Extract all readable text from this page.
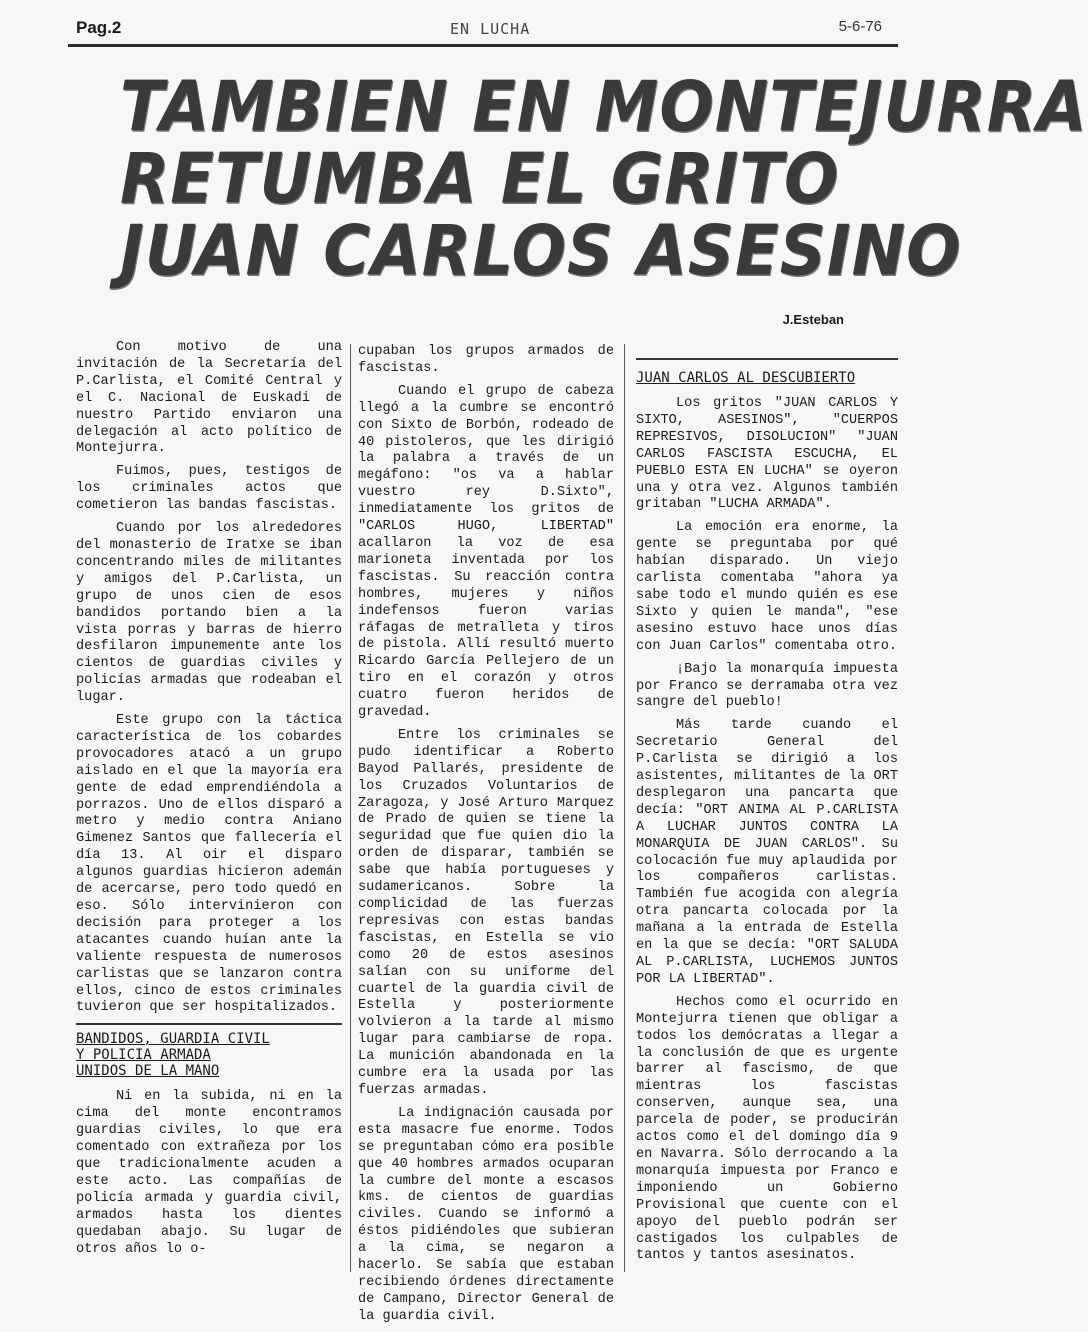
Pag.2	EN LUCHA	5-6-76
TAMBIEN EN MONTEJURRA
RETUMBA EL GRITO
JUAN CARLOS ASESINO
J.Esteban

Con motivo de una invitación de la Secretaría del P.Carlista, el Comité Central y el C. Nacional de Euskadi de nuestro Partido enviaron una delegación al acto político de Montejurra.

Fuimos, pues, testigos de los criminales actos que cometieron las bandas fascistas.

Cuando por los alrededores del monasterio de Iratxe se iban concentrando miles de militantes y amigos del P.Carlista, un grupo de unos cien de esos bandidos portando bien a la vista porras y barras de hierro desfilaron impunemente ante los cientos de guardias civiles y policías armadas que rodeaban el lugar.

Este grupo con la táctica característica de los cobardes provocadores atacó a un grupo aislado en el que la mayoría era gente de edad emprendiéndola a porrazos. Uno de ellos disparó a metro y medio contra Aniano Gimenez Santos que fallecería el día 13. Al oir el disparo algunos guardias hicieron ademán de acercarse, pero todo quedó en eso. Sólo intervinieron con decisión para proteger a los atacantes cuando huían ante la valiente respuesta de numerosos carlistas que se lanzaron contra ellos, cinco de estos criminales tuvieron que ser hospitalizados.

BANDIDOS, GUARDIA CIVIL
Y POLICIA ARMADA
UNIDOS DE LA MANO

Ni en la subida, ni en la cima del monte encontramos guardias civiles, lo que era comentado con extrañeza por los que tradicionalmente acuden a este acto. Las compañías de policía armada y guardia civil, armados hasta los dientes quedaban abajo. Su lugar de otros años lo o-

cupaban los grupos armados de fascistas.

Cuando el grupo de cabeza llegó a la cumbre se encontró con Sixto de Borbón, rodeado de 40 pistoleros, que les dirigió la palabra a través de un megáfono: "os va a hablar vuestro rey D.Sixto", inmediatamente los gritos de "CARLOS HUGO, LIBERTAD" acallaron la voz de esa marioneta inventada por los fascistas. Su reacción contra hombres, mujeres y niños indefensos fueron varias ráfagas de metralleta y tiros de pistola. Allí resultó muerto Ricardo García Pellejero de un tiro en el corazón y otros cuatro fueron heridos de gravedad.

Entre los criminales se pudo identificar a Roberto Bayod Pallarés, presidente de los Cruzados Voluntarios de Zaragoza, y José Arturo Marquez de Prado de quien se tiene la seguridad que fue quien dio la orden de disparar, también se sabe que había portugueses y sudamericanos. Sobre la complicidad de las fuerzas represivas con estas bandas fascistas, en Estella se vio como 20 de estos asesinos salían con su uniforme del cuartel de la guardia civil de Estella y posteriormente volvieron a la tarde al mismo lugar para cambiarse de ropa. La munición abandonada en la cumbre era la usada por las fuerzas armadas.

La indignación causada por esta masacre fue enorme. Todos se preguntaban cómo era posible que 40 hombres armados ocuparan la cumbre del monte a escasos kms. de cientos de guardias civiles. Cuando se informó a éstos pidiéndoles que subieran a la cima, se negaron a hacerlo. Se sabía que estaban recibiendo órdenes directamente de Campano, Director General de la guardia civil.

JUAN CARLOS AL DESCUBIERTO

Los gritos "JUAN CARLOS Y SIXTO, ASESINOS", "CUERPOS REPRESIVOS, DISOLUCION" "JUAN CARLOS FASCISTA ESCUCHA, EL PUEBLO ESTA EN LUCHA" se oyeron una y otra vez. Algunos también gritaban "LUCHA ARMADA".

La emoción era enorme, la gente se preguntaba por qué habían disparado. Un viejo carlista comentaba "ahora ya sabe todo el mundo quién es ese Sixto y quien le manda", "ese asesino estuvo hace unos días con Juan Carlos" comentaba otro.

¡Bajo la monarquía impuesta por Franco se derramaba otra vez sangre del pueblo!

Más tarde cuando el Secretario General del P.Carlista se dirigió a los asistentes, militantes de la ORT desplegaron una pancarta que decía: "ORT ANIMA AL P.CARLISTA A LUCHAR JUNTOS CONTRA LA MONARQUIA DE JUAN CARLOS". Su colocación fue muy aplaudida por los compañeros carlistas. También fue acogida con alegría otra pancarta colocada por la mañana a la entrada de Estella en la que se decía: "ORT SALUDA AL P.CARLISTA, LUCHEMOS JUNTOS POR LA LIBERTAD".

Hechos como el ocurrido en Montejurra tienen que obligar a todos los demócratas a llegar a la conclusión de que es urgente barrer al fascismo, de que mientras los fascistas conserven, aunque sea, una parcela de poder, se producirán actos como el del domingo día 9 en Navarra. Sólo derrocando a la monarquía impuesta por Franco e imponiendo un Gobierno Provisional que cuente con el apoyo del pueblo podrán ser castigados los culpables de tantos y tantos asesinatos.
